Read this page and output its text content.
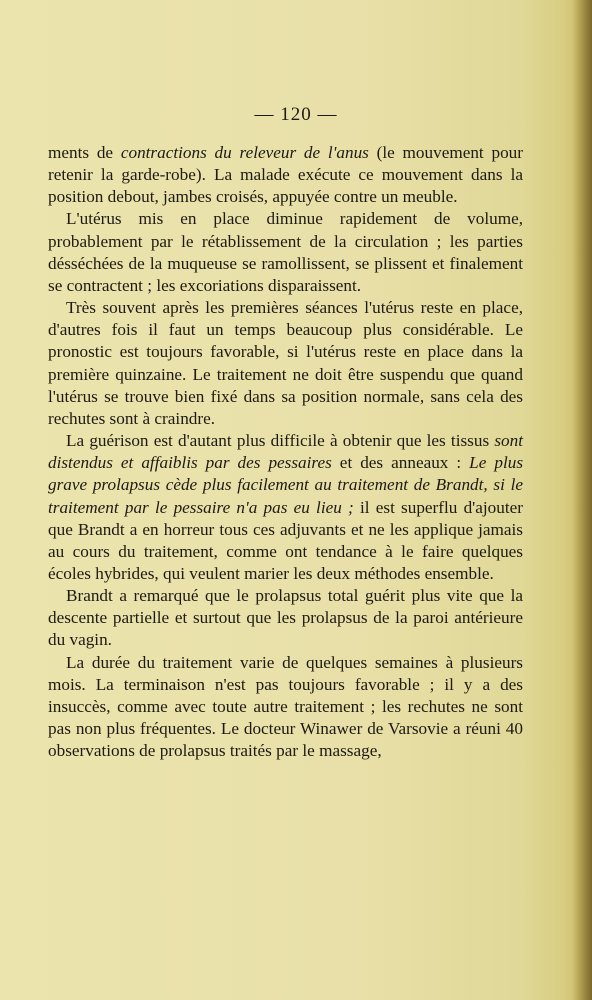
— 120 —

ments de contractions du releveur de l'anus (le mouvement pour retenir la garde-robe). La malade exécute ce mouvement dans la position debout, jambes croisés, appuyée contre un meuble.

L'utérus mis en place diminue rapidement de volume, probablement par le rétablissement de la circulation ; les parties désséchées de la muqueuse se ramollissent, se plissent et finalement se contractent ; les excoriations disparaissent.

Très souvent après les premières séances l'utérus reste en place, d'autres fois il faut un temps beaucoup plus considérable. Le pronostic est toujours favorable, si l'utérus reste en place dans la première quinzaine. Le traitement ne doit être suspendu que quand l'utérus se trouve bien fixé dans sa position normale, sans cela des rechutes sont à craindre.

La guérison est d'autant plus difficile à obtenir que les tissus sont distendus et affaiblis par des pessaires et des anneaux : Le plus grave prolapsus cède plus facilement au traitement de Brandt, si le traitement par le pessaire n'a pas eu lieu ; il est superflu d'ajouter que Brandt a en horreur tous ces adjuvants et ne les applique jamais au cours du traitement, comme ont tendance à le faire quelques écoles hybrides, qui veulent marier les deux méthodes ensemble.

Brandt a remarqué que le prolapsus total guérit plus vite que la descente partielle et surtout que les prolapsus de la paroi antérieure du vagin.

La durée du traitement varie de quelques semaines à plusieurs mois. La terminaison n'est pas toujours favorable ; il y a des insuccès, comme avec toute autre traitement ; les rechutes ne sont pas non plus fréquentes. Le docteur Winawer de Varsovie a réuni 40 observations de prolapsus traités par le massage,
